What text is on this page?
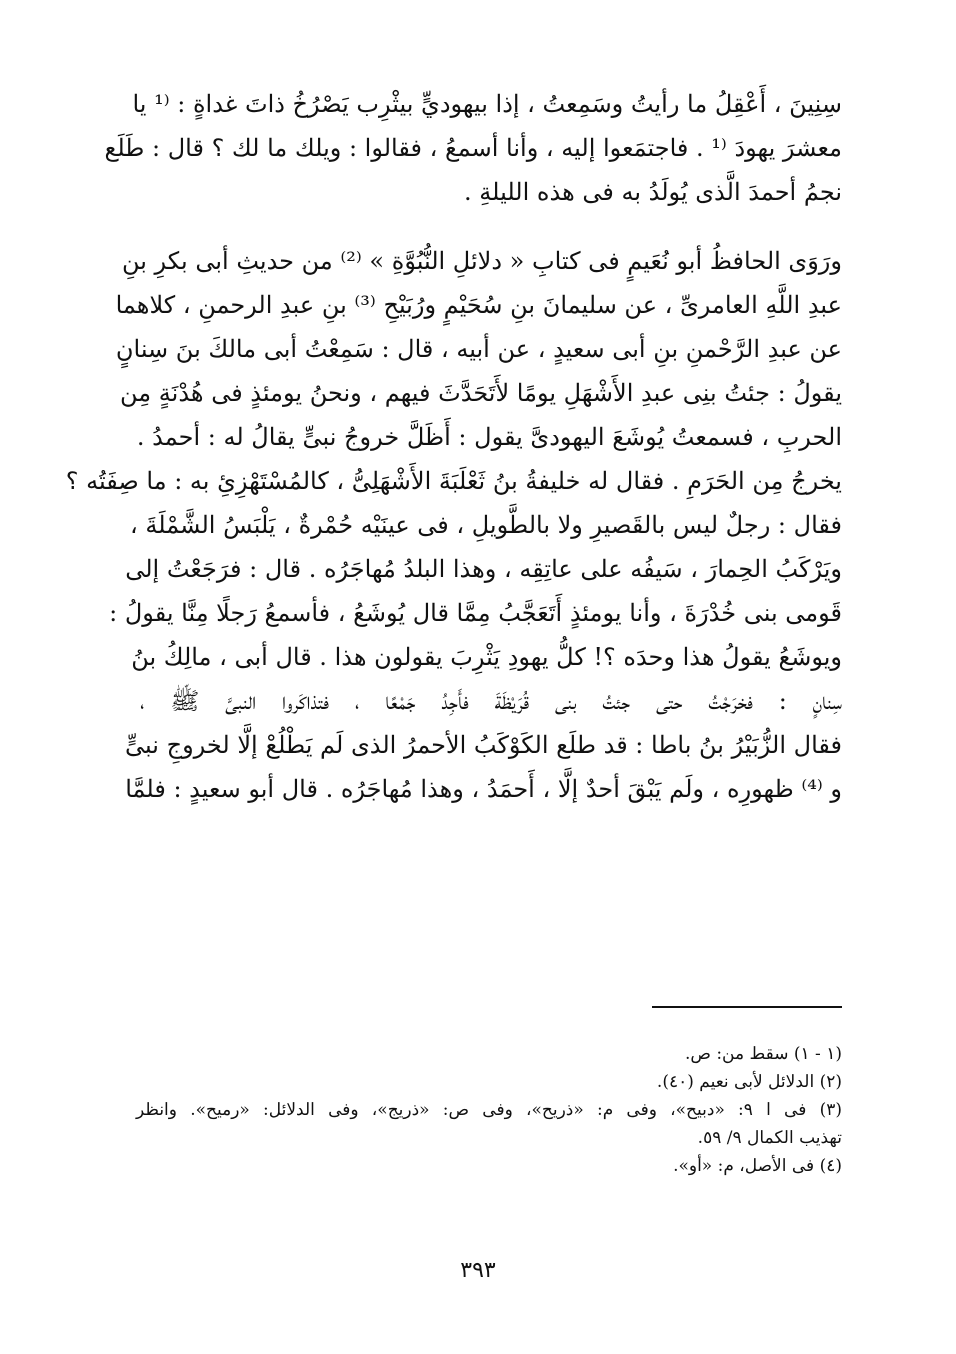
سِنِينَ ، أَعْقِلُ ما رأيتُ وسَمِعتُ ، إذا بيهوديٍّ بيثْرِب يَصْرُخُ ذاتَ غداةٍ : ⁽¹ يا
معشرَ يهودَ ⁽¹ . فاجتمَعوا إليه ، وأنا أسمعُ ، فقالوا : ويلك ما لك ؟ قال : طَلَع
نجمُ أحمدَ الَّذى يُولَدُ به فى هذه الليلةِ .
ورَوَى الحافظُ أبو نُعَيمٍ فى كتابِ « دلائلِ النُّبُوَّةِ » ⁽²⁾ من حديثِ أبى بكرِ بنِ
عبدِ اللَّهِ العامرىِّ ، عن سليمانَ بنِ سُحَيْمٍ ورُبَيْحِ ⁽³⁾ بنِ عبدِ الرحمنِ ، كلاهما
عن عبدِ الرَّحْمنِ بنِ أبى سعيدٍ ، عن أبيه ، قال : سَمِعْتُ أبى مالكَ بنَ سِنانٍ
يقولُ : جئتُ بنِى عبدِ الأَشْهَلِ يومًا لأَتَحَدَّثَ فيهم ، ونحنُ يومئذٍ فى هُدْنَةٍ مِن
الحربِ ، فسمعتُ يُوشَعَ اليهودىَّ يقول : أَظَلَّ خروجُ نبىٍّ يقالُ له : أحمدُ .
يخرجُ مِن الحَرَمِ . فقال له خليفةُ بنُ ثَعْلَبَةَ الأَشْهَلِىُّ ، كالمُسْتَهْزِئِ به : ما صِفَتُه ؟
فقال : رجلٌ ليس بالقَصيرِ ولا بالطَّويلِ ، فى عينَيْه حُمْرةٌ ، يَلْبَسُ الشَّمْلَةَ ،
ويَرْكَبُ الحِمارَ ، سَيفُه على عاتِقِه ، وهذا البلدُ مُهاجَرُه . قال : فرَجَعْتُ إلى
قَومى بنى خُدْرَةَ ، وأنا يومئذٍ أَتَعَجَّبُ مِمَّا قال يُوشَعُ ، فأسمعُ رَجلًا مِنَّا يقولُ :
ويوشَعُ يقولُ هذا وحدَه ؟! كلُّ يهودِ يَثْرِبَ يقولون هذا . قال أبى ، مالِكُ بنُ
سِنانٍ : فخرَجْتُ حتى جئتُ بنى قُرَيْظَةَ فأَجِدُ جَمْعًا ، فتذاكَروا النبىَّ ﷺ ،
فقال الزُّبَيْرُ بنُ باطا : قد طلَع الكَوْكَبُ الأحمرُ الذى لَم يَطْلُعْ إلَّا لخروجِ نبىٍّ
و ⁽⁴⁾ ظهورِه ، ولَم يَبْقَ أحدٌ إلَّا ، أَحمَدُ ، وهذا مُهاجَرُه . قال أبو سعيدٍ : فلمَّا
(١ - ١) سقط من: ص.
(٢) الدلائل لأبى نعيم (٤٠).
(٣) فى ا ٩: «دبيح»، وفى م: «ذريح»، وفى ص: «ذريج»، وفى الدلائل: «رميح». وانظر
تهذيب الكمال ٩/ ٥٩.
(٤) فى الأصل، م: «أو».
٣٩٣
